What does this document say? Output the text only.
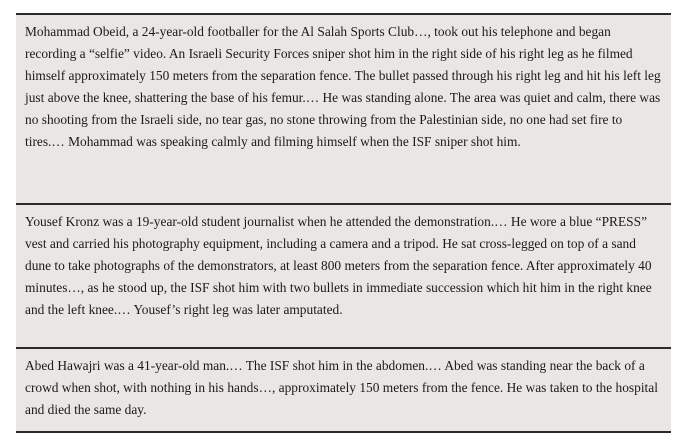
Mohammad Obeid, a 24-year-old footballer for the Al Salah Sports Club…, took out his telephone and began recording a “selfie” video. An Israeli Security Forces sniper shot him in the right side of his right leg as he filmed himself approximately 150 meters from the separation fence. The bullet passed through his right leg and hit his left leg just above the knee, shattering the base of his femur.… He was standing alone. The area was quiet and calm, there was no shooting from the Israeli side, no tear gas, no stone throwing from the Palestinian side, no one had set fire to tires.… Mohammad was speaking calmly and filming himself when the ISF sniper shot him.

Yousef Kronz was a 19-year-old student journalist when he attended the demonstration.… He wore a blue “PRESS” vest and carried his photography equipment, including a camera and a tripod. He sat cross-legged on top of a sand dune to take photographs of the demonstrators, at least 800 meters from the separation fence. After approximately 40 minutes…, as he stood up, the ISF shot him with two bullets in immediate succession which hit him in the right knee and the left knee.… Yousef’s right leg was later amputated.

Abed Hawajri was a 41-year-old man.… The ISF shot him in the abdomen.… Abed was standing near the back of a crowd when shot, with nothing in his hands…, approximately 150 meters from the fence. He was taken to the hospital and died the same day.
